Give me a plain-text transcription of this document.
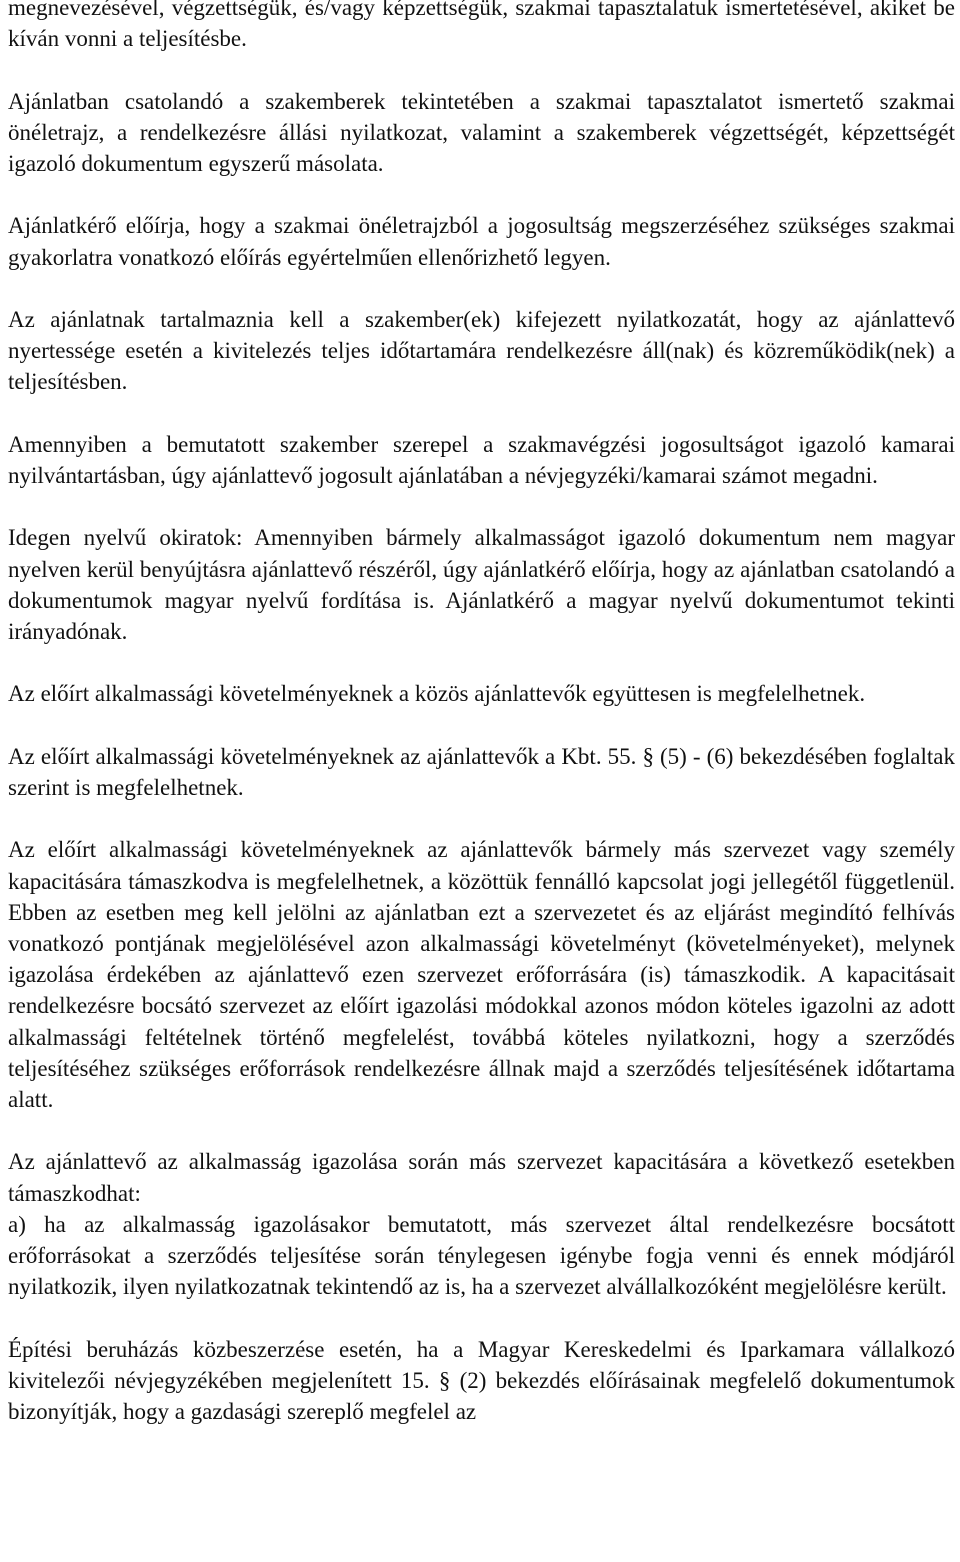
megnevezésével, végzettségük, és/vagy képzettségük, szakmai tapasztalatuk ismertetésével, akiket be kíván vonni a teljesítésbe.

Ajánlatban csatolandó a szakemberek tekintetében a szakmai tapasztalatot ismertető szakmai önéletrajz, a rendelkezésre állási nyilatkozat, valamint a szakemberek végzettségét, képzettségét igazoló dokumentum egyszerű másolata.

Ajánlatkérő előírja, hogy a szakmai önéletrajzból a jogosultság megszerzéséhez szükséges szakmai gyakorlatra vonatkozó előírás egyértelműen ellenőrizhető legyen.

Az ajánlatnak tartalmaznia kell a szakember(ek) kifejezett nyilatkozatát, hogy az ajánlattevő nyertessége esetén a kivitelezés teljes időtartamára rendelkezésre áll(nak) és közreműködik(nek) a teljesítésben.

Amennyiben a bemutatott szakember szerepel a szakmavégzési jogosultságot igazoló kamarai nyilvántartásban, úgy ajánlattevő jogosult ajánlatában a névjegyzéki/kamarai számot megadni.

Idegen nyelvű okiratok: Amennyiben bármely alkalmasságot igazoló dokumentum nem magyar nyelven kerül benyújtásra ajánlattevő részéről, úgy ajánlatkérő előírja, hogy az ajánlatban csatolandó a dokumentumok magyar nyelvű fordítása is. Ajánlatkérő a magyar nyelvű dokumentumot tekinti irányadónak.

Az előírt alkalmassági követelményeknek a közös ajánlattevők együttesen is megfelelhetnek.

Az előírt alkalmassági követelményeknek az ajánlattevők a Kbt. 55. § (5) - (6) bekezdésében foglaltak szerint is megfelelhetnek.

Az előírt alkalmassági követelményeknek az ajánlattevők bármely más szervezet vagy személy kapacitására támaszkodva is megfelelhetnek, a közöttük fennálló kapcsolat jogi jellegétől függetlenül. Ebben az esetben meg kell jelölni az ajánlatban ezt a szervezetet és az eljárást megindító felhívás vonatkozó pontjának megjelölésével azon alkalmassági követelményt (követelményeket), melynek igazolása érdekében az ajánlattevő ezen szervezet erőforrására (is) támaszkodik. A kapacitásait rendelkezésre bocsátó szervezet az előírt igazolási módokkal azonos módon köteles igazolni az adott alkalmassági feltételnek történő megfelelést, továbbá köteles nyilatkozni, hogy a szerződés teljesítéséhez szükséges erőforrások rendelkezésre állnak majd a szerződés teljesítésének időtartama alatt.

Az ajánlattevő az alkalmasság igazolása során más szervezet kapacitására a következő esetekben támaszkodhat:

a) ha az alkalmasság igazolásakor bemutatott, más szervezet által rendelkezésre bocsátott erőforrásokat a szerződés teljesítése során ténylegesen igénybe fogja venni és ennek módjáról nyilatkozik, ilyen nyilatkozatnak tekintendő az is, ha a szervezet alvállalkozóként megjelölésre került.

Építési beruházás közbeszerzése esetén, ha a Magyar Kereskedelmi és Iparkamara vállalkozó kivitelezői névjegyzékében megjelenített 15. § (2) bekezdés előírásainak megfelelő dokumentumok bizonyítják, hogy a gazdasági szereplő megfelel az
